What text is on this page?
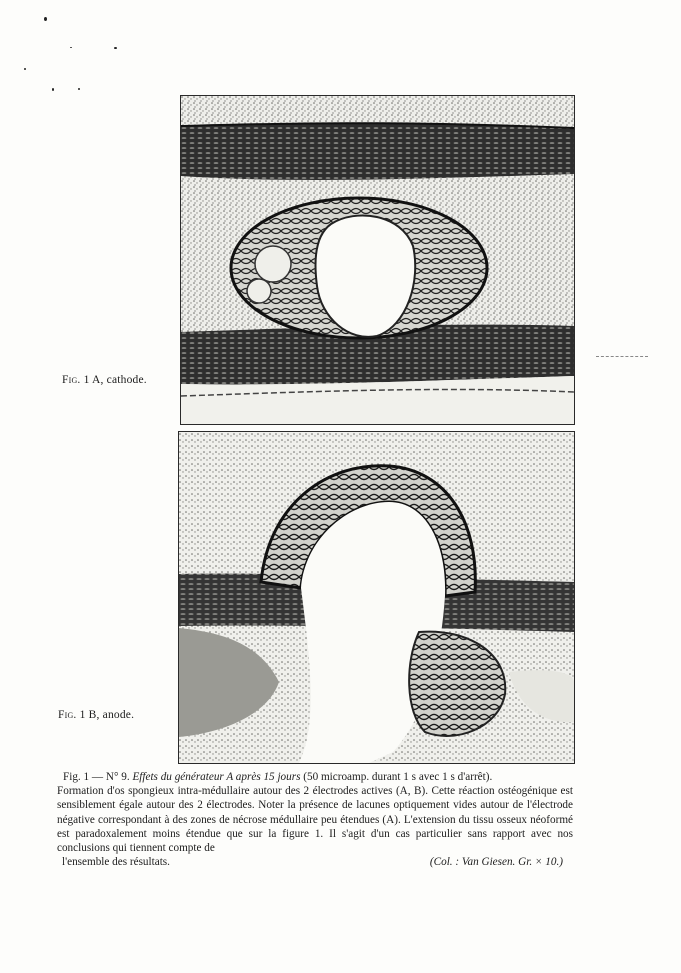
Fig. 1 A, cathode.
Fig. 1 B, anode.
Fig. 1 — N° 9. Effets du générateur A après 15 jours (50 microamp. durant 1 s avec 1 s d'arrêt).

Formation d'os spongieux intra-médullaire autour des 2 électrodes actives (A, B). Cette réaction ostéogénique est sensiblement égale autour des 2 électrodes. Noter la présence de lacunes optiquement vides autour de l'électrode négative correspondant à des zones de nécrose médullaire peu étendues (A). L'extension du tissu osseux néoformé est paradoxalement moins étendue que sur la figure 1. Il s'agit d'un cas particulier sans rapport avec nos conclusions qui tiennent compte de

l'ensemble des résultats.	(Col. : Van Giesen. Gr. × 10.)
